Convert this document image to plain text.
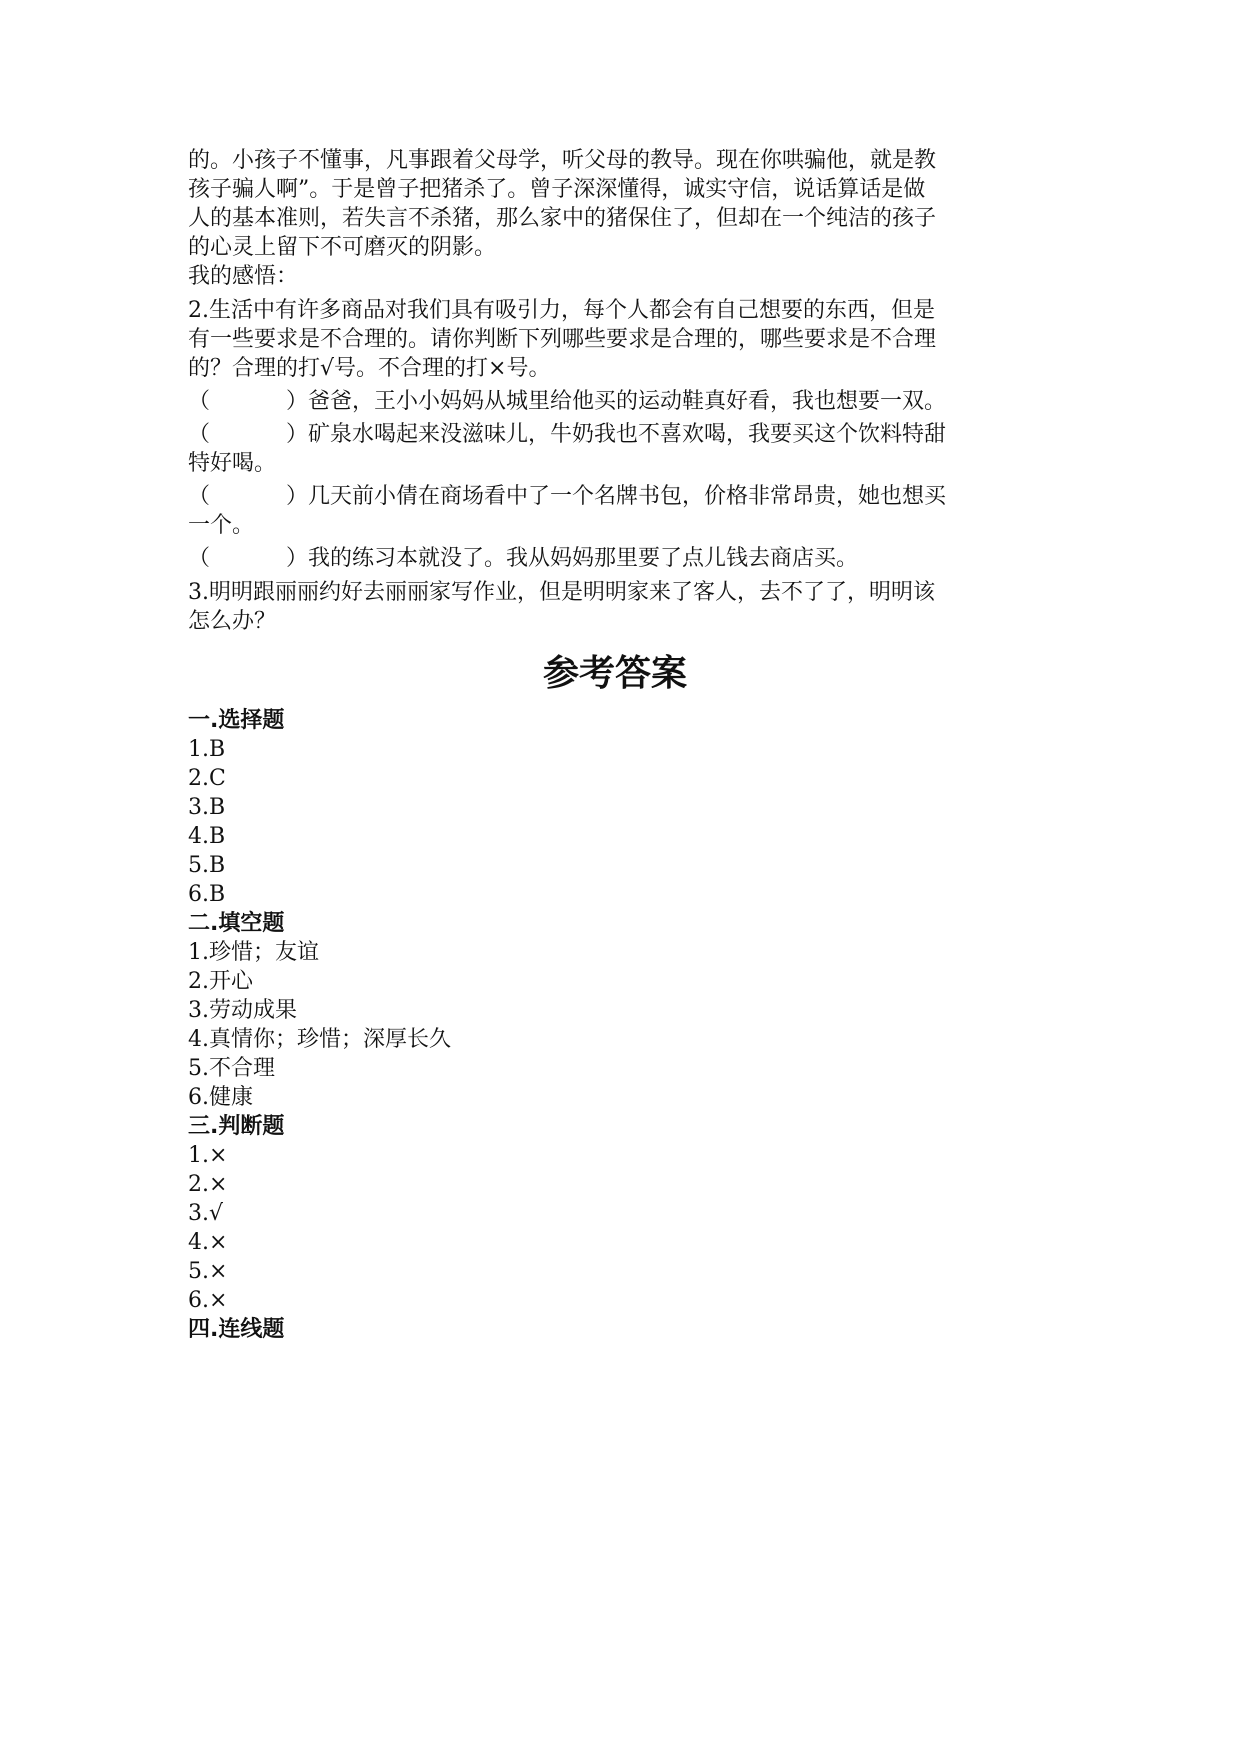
的。小孩子不懂事，凡事跟着父母学，听父母的教导。现在你哄骗他，就是教
孩子骗人啊”。于是曾子把猪杀了。曾子深深懂得，诚实守信，说话算话是做
人的基本准则，若失言不杀猪，那么家中的猪保住了，但却在一个纯洁的孩子
的心灵上留下不可磨灭的阴影。
我的感悟：
2.生活中有许多商品对我们具有吸引力，每个人都会有自己想要的东西，但是
有一些要求是不合理的。请你判断下列哪些要求是合理的，哪些要求是不合理
的？合理的打√号。不合理的打×号。
（	）爸爸，王小小妈妈从城里给他买的运动鞋真好看，我也想要一双。
（	）矿泉水喝起来没滋味儿，牛奶我也不喜欢喝，我要买这个饮料特甜
特好喝。
（	）几天前小倩在商场看中了一个名牌书包，价格非常昂贵，她也想买
一个。
（	）我的练习本就没了。我从妈妈那里要了点儿钱去商店买。
3.明明跟丽丽约好去丽丽家写作业，但是明明家来了客人，去不了了，明明该
怎么办？
参考答案
一.选择题
1.B
2.C
3.B
4.B
5.B
6.B
二.填空题
1.珍惜；友谊
2.开心
3.劳动成果
4.真情你；珍惜；深厚长久
5.不合理
6.健康
三.判断题
1.×
2.×
3.√
4.×
5.×
6.×
四.连线题
